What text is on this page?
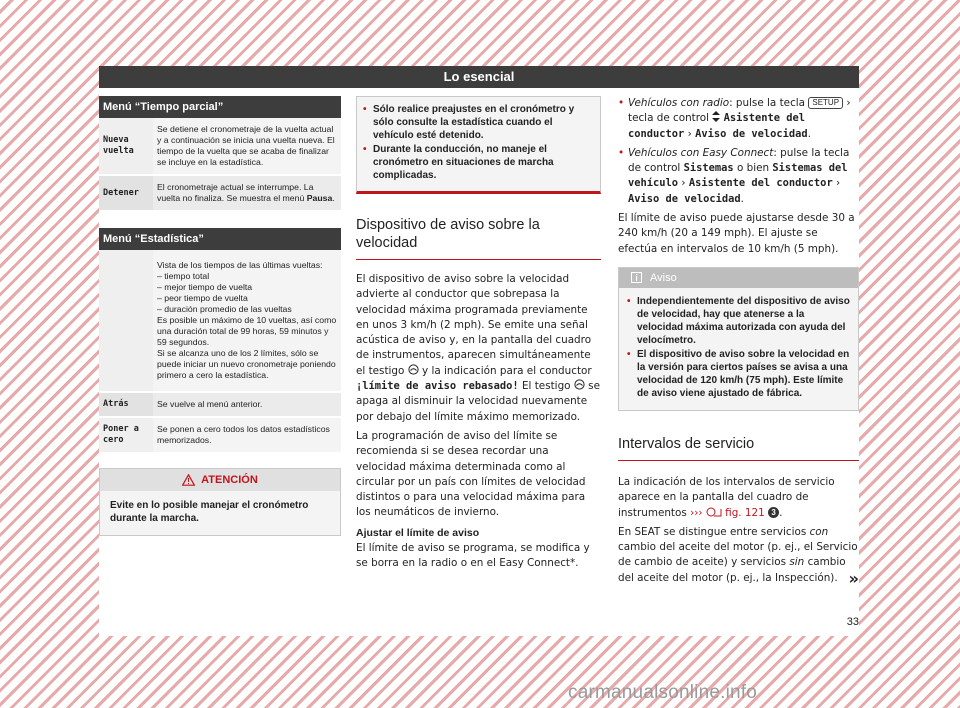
Lo esencial
Menú “Tiempo parcial”
Nueva vuelta
Se detiene el cronometraje de la vuelta actual y a continuación se inicia una vuelta nueva. El tiempo de la vuelta que se acaba de finalizar se incluye en la estadística.
Detener
El cronometraje actual se interrumpe. La vuelta no finaliza. Se muestra el menú Pausa.
Menú “Estadística”
Vista de los tiempos de las últimas vueltas:
– tiempo total
– mejor tiempo de vuelta
– peor tiempo de vuelta
– duración promedio de las vueltas
Es posible un máximo de 10 vueltas, así como una duración total de 99 horas, 59 minutos y 59 segundos.
Si se alcanza uno de los 2 límites, sólo se puede iniciar un nuevo cronometraje poniendo primero a cero la estadística.
Atrás	Se vuelve al menú anterior.
Poner a cero
Se ponen a cero todos los datos estadísticos memorizados.
ATENCIÓN
Evite en lo posible manejar el cronómetro durante la marcha.
• Sólo realice preajustes en el cronómetro y sólo consulte la estadística cuando el vehículo esté detenido.
• Durante la conducción, no maneje el cronómetro en situaciones de marcha complicadas.
Dispositivo de aviso sobre la velocidad

El dispositivo de aviso sobre la velocidad advierte al conductor que sobrepasa la velocidad máxima programada previamente en unos 3 km/h (2 mph). Se emite una señal acústica de aviso y, en la pantalla del cuadro de instrumentos, aparecen simultáneamente el testigo y la indicación para el conductor ¡límite de aviso rebasado! El testigo se apaga al disminuir la velocidad nuevamente por debajo del límite máximo memorizado.

La programación de aviso del límite se recomienda si se desea recordar una velocidad máxima determinada como al circular por un país con límites de velocidad distintos o para una velocidad máxima para los neumáticos de invierno.

Ajustar el límite de aviso

El límite de aviso se programa, se modifica y se borra en la radio o en el Easy Connect*.

• Vehículos con radio: pulse la tecla SETUP › tecla de control Asistente del conductor › Aviso de velocidad.

• Vehículos con Easy Connect: pulse la tecla de control Sistemas o bien Sistemas del vehículo › Asistente del conductor › Aviso de velocidad.

El límite de aviso puede ajustarse desde 30 a 240 km/h (20 a 149 mph). El ajuste se efectúa en intervalos de 10 km/h (5 mph).

Aviso
• Independientemente del dispositivo de aviso de velocidad, hay que atenerse a la velocidad máxima autorizada con ayuda del velocímetro.
• El dispositivo de aviso sobre la velocidad en la versión para ciertos países se avisa a una velocidad de 120 km/h (75 mph). Este límite de aviso viene ajustado de fábrica.
Intervalos de servicio

La indicación de los intervalos de servicio aparece en la pantalla del cuadro de instrumentos ››› fig. 121 3 .

En SEAT se distingue entre servicios con cambio del aceite del motor (p. ej., el Servicio de cambio de aceite) y servicios sin cambio del aceite del motor (p. ej., la Inspección). »

33
carmanualsonline.info
